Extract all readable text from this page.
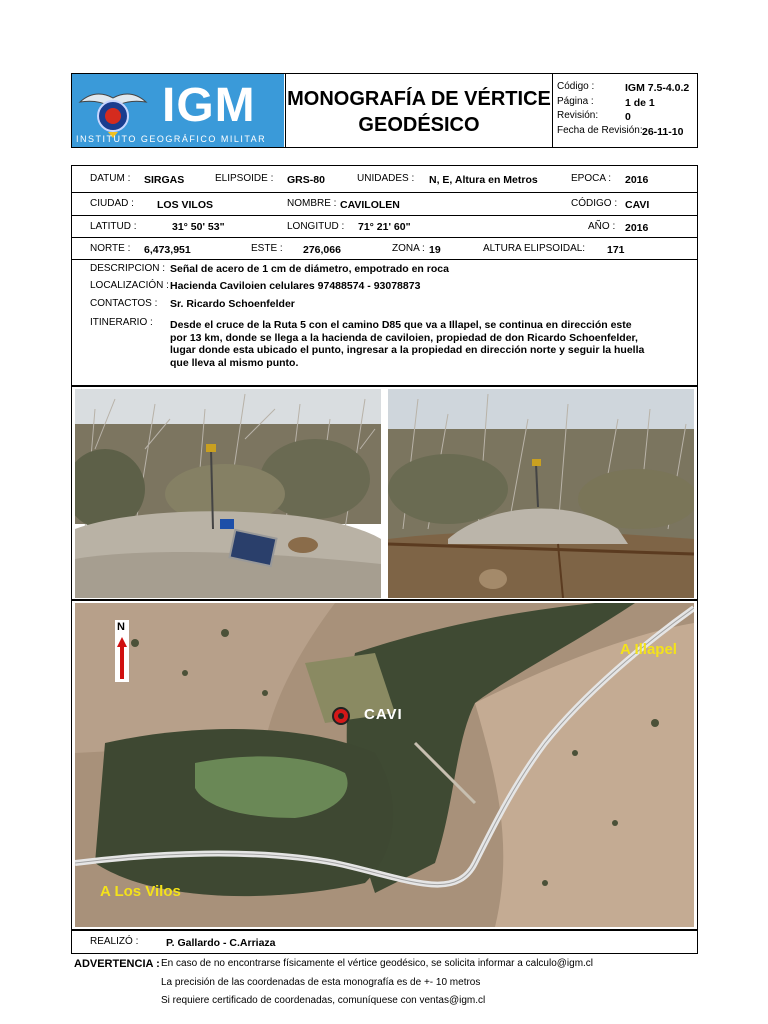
IGM
INSTITUTO GEOGRÁFICO MILITAR
MONOGRAFÍA DE VÉRTICE
GEODÉSICO
Código :	IGM 7.5-4.0.2
Página :	1 de 1
Revisión:	0
Fecha de Revisión: 26-11-10
DATUM : SIRGAS	ELIPSOIDE : GRS-80	UNIDADES : N, E, Altura en Metros	EPOCA : 2016
CIUDAD : LOS VILOS	NOMBRE : CAVILOLEN	CÓDIGO : CAVI
LATITUD :	31° 50' 53"	LONGITUD : 71° 21' 60"	AÑO : 2016
NORTE : 6,473,951	ESTE : 276,066	ZONA : 19	ALTURA ELIPSOIDAL: 171
DESCRIPCION : Señal de acero de 1 cm de diámetro, empotrado en roca
LOCALIZACIÓN : Hacienda Caviloien celulares 97488574 - 93078873
CONTACTOS : Sr. Ricardo Schoenfelder
ITINERARIO : Desde el cruce de la Ruta 5 con el camino D85 que va a Illapel, se continua en dirección este
por 13 km, donde se llega a la hacienda de caviloien, propiedad de don Ricardo Schoenfelder,
lugar donde esta ubicado el punto, ingresar a la propiedad en dirección norte y seguir la huella
que lleva al mismo punto.
N
CAVI
A Illapel
A Los Vilos
REALIZÓ :	P. Gallardo - C.Arriaza
ADVERTENCIA : En caso de no encontrarse físicamente el vértice geodésico, se solicita informar a calculo@igm.cl
La precisión de las coordenadas de esta monografía es de +- 10 metros
Si requiere certificado de coordenadas, comuníquese con ventas@igm.cl
